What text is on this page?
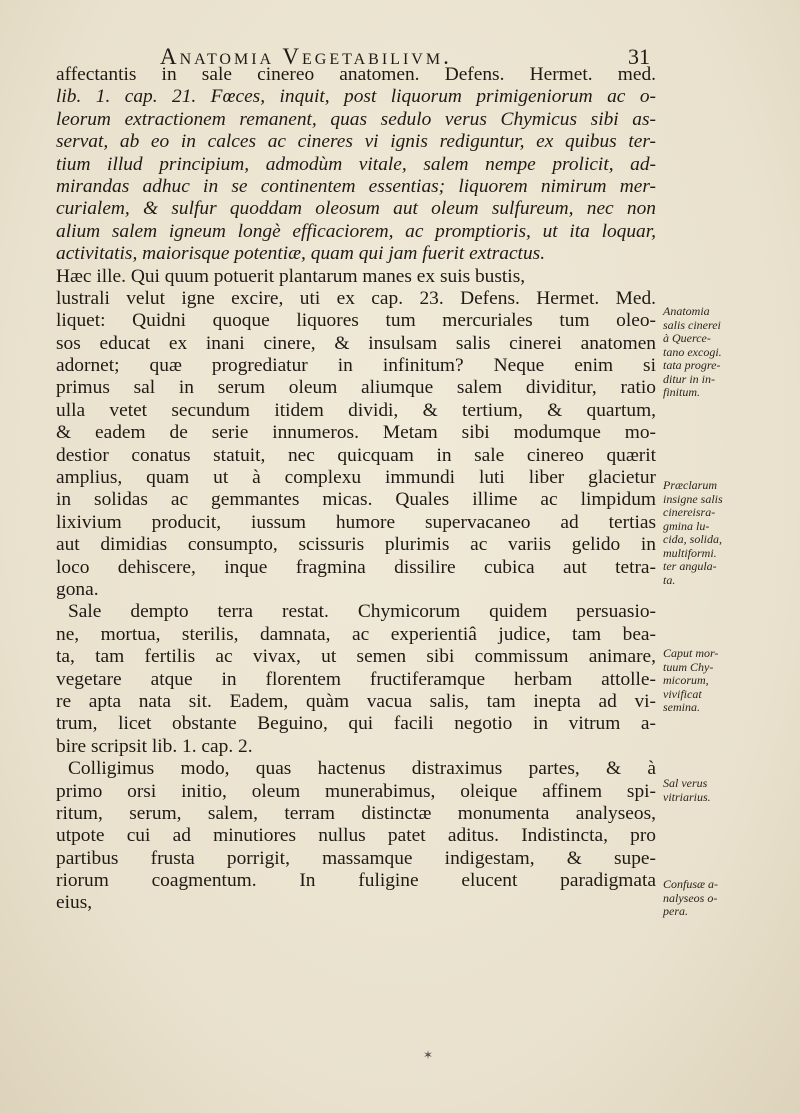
Anatomia Vegetabilivm.	31
affectantis in sale cinereo anatomen. Defens. Hermet. med.
lib. 1. cap. 21. Fœces, inquit, post liquorum primigeniorum ac o-
leorum extractionem remanent, quas sedulo verus Chymicus sibi as-
servat, ab eo in calces ac cineres vi ignis rediguntur, ex quibus ter-
tium illud principium, admodùm vitale, salem nempe prolicit, ad-
mirandas adhuc in se continentem essentias; liquorem nimirum mer-
curialem, & sulfur quoddam oleosum aut oleum sulfureum, nec non
alium salem igneum longè efficaciorem, ac promptioris, ut ita loquar,
activitatis, maiorisque potentiæ, quam qui jam fuerit extractus.
Hæc ille. Qui quum potuerit plantarum manes ex suis bustis,
lustrali velut igne excire, uti ex cap. 23. Defens. Hermet. Med.
liquet: Quidni quoque liquores tum mercuriales tum oleo-
sos educat ex inani cinere, & insulsam salis cinerei anatomen
adornet; quæ progrediatur in infinitum? Neque enim si
primus sal in serum oleum aliumque salem dividitur, ratio
ulla vetet secundum itidem dividi, & tertium, & quartum,
& eadem de serie innumeros. Metam sibi modumque mo-
destior conatus statuit, nec quicquam in sale cinereo quærit
amplius, quam ut à complexu immundi luti liber glacietur
in solidas ac gemmantes micas. Quales illime ac limpidum
lixivium producit, iussum humore supervacaneo ad tertias
aut dimidias consumpto, scissuris plurimis ac variis gelido in
loco dehiscere, inque fragmina dissilire cubica aut tetra-
gona.
Sale dempto terra restat. Chymicorum quidem persuasio-
ne, mortua, sterilis, damnata, ac experientiâ judice, tam bea-
ta, tam fertilis ac vivax, ut semen sibi commissum animare,
vegetare atque in florentem fructiferamque herbam attolle-
re apta nata sit. Eadem, quàm vacua salis, tam inepta ad vi-
trum, licet obstante Beguino, qui facili negotio in vitrum a-
bire scripsit lib. 1. cap. 2.
Colligimus modo, quas hactenus distraximus partes, & à
primo orsi initio, oleum munerabimus, oleique affinem spi-
ritum, serum, salem, terram distinctæ monumenta analyseos,
utpote cui ad minutiores nullus patet aditus. Indistincta, pro
partibus frusta porrigit, massamque indigestam, & supe-
riorum coagmentum. In fuligine elucent paradigmata
eius,
Anatomia
salis cinerei
à Querce-
tano excogi.
tata progre-
ditur in in-
finitum.
Præclarum
insigne salis
cinereisra-
gmina lu-
cida, solida,
multiformi.
ter angula-
ta.
Caput mor-
tuum Chy-
micorum,
vivificat
semina.
Sal verus
vitriarius.
Confusæ a-
nalyseos o-
pera.
✶
